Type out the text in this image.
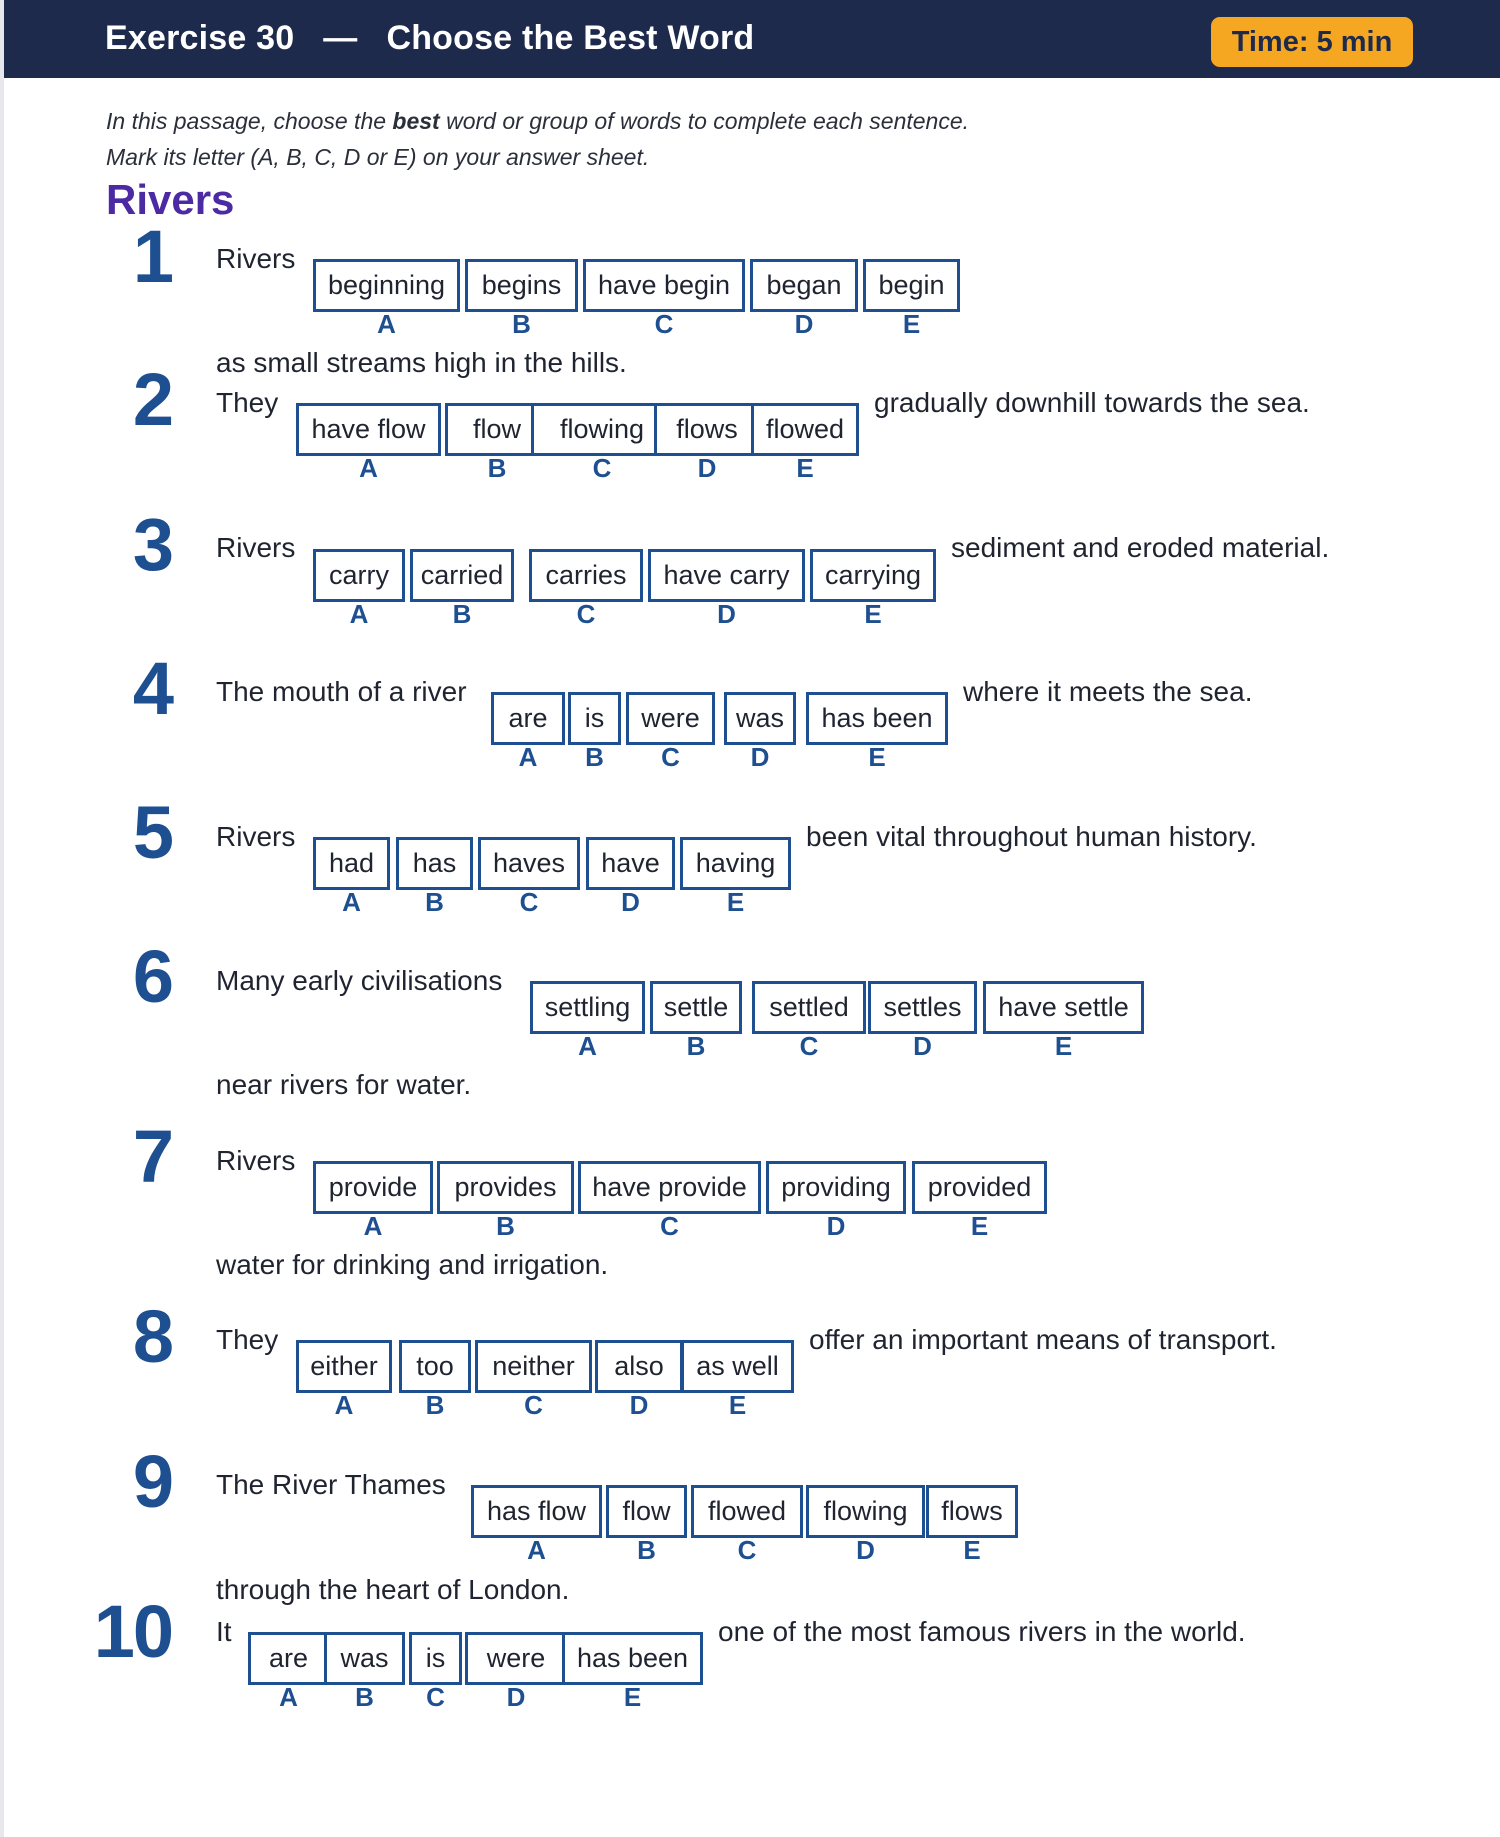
Exercise 30   —   Choose the Best Word	Time: 5 min
In this passage, choose the best word or group of words to complete each sentence.
Mark its letter (A, B, C, D or E) on your answer sheet.
Rivers
1 Rivers
beginning
A
begins
B
have begin
C
began
D
begin
E
as small streams high in the hills.
2 They
have flow
A
flow
B
flowing
C
flows
D
flowed
E
gradually downhill towards the sea.
3 Rivers
carry
A
carried
B
carries
C
have carry
D
carrying
E
sediment and eroded material.
4 The mouth of a river
are
A
is
B
were
C
was
D
has been
E
where it meets the sea.
5 Rivers
had
A
has
B
haves
C
have
D
having
E
been vital throughout human history.
6 Many early civilisations
settling
A
settle
B
settled
C
settles
D
have settle
E
near rivers for water.
7 Rivers
provide
A
provides
B
have provide
C
providing
D
provided
E
water for drinking and irrigation.
8 They
either
A
too
B
neither
C
also
D
as well
E
offer an important means of transport.
9 The River Thames
has flow
A
flow
B
flowed
C
flowing
D
flows
E
through the heart of London.
10 It
are
A
was
B
is
C
were
D
has been
E
one of the most famous rivers in the world.
